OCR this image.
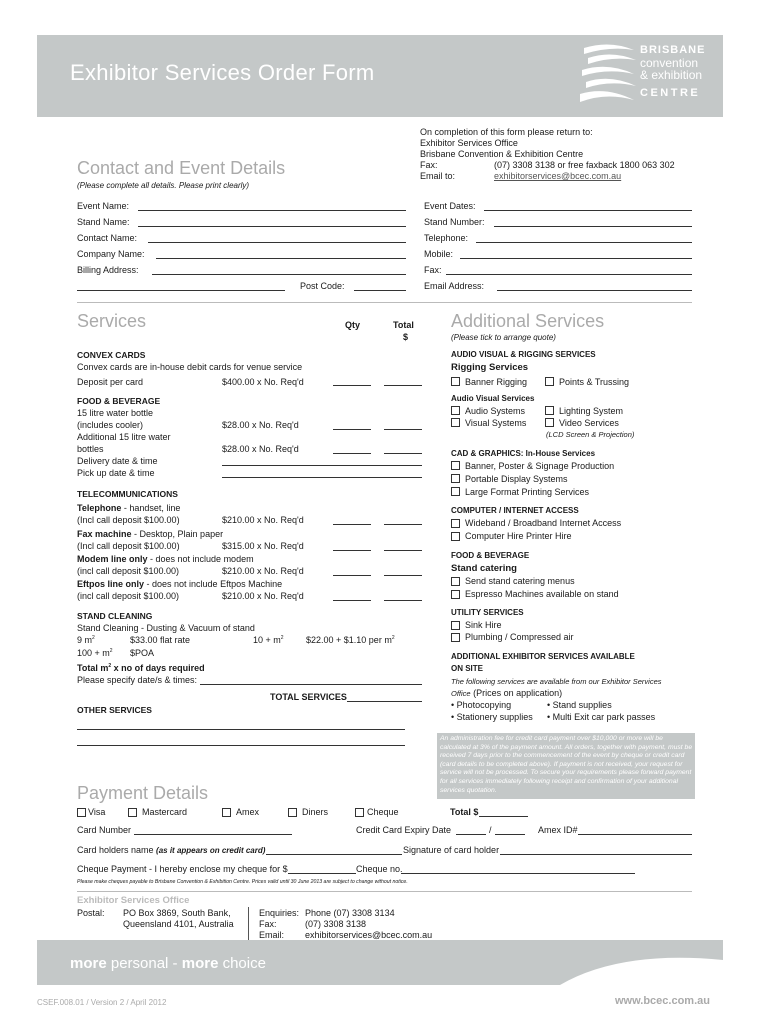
Exhibitor Services Order Form
BRISBANE
convention
& exhibition
CENTRE
On completion of this form please return to:
Exhibitor Services Office
Brisbane Convention & Exhibition Centre
Fax:	(07) 3308 3138 or free faxback 1800 063 302
Email to:	exhibitorservices@bcec.com.au
Contact and Event Details
(Please complete all details. Please print clearly)
Event Name:
Stand Name:
Contact Name:
Company Name:
Billing Address:
Post Code:
Event Dates:
Stand Number:
Telephone:
Mobile:
Fax:
Email Address:
Services	Qty	Total
$
CONVEX CARDS
Convex cards are in-house debit cards for venue service
Deposit per card	$400.00 x No. Req'd
FOOD & BEVERAGE
15 litre water bottle
(includes cooler)	$28.00 x No. Req'd
Additional 15 litre water
bottles	$28.00 x No. Req'd
Delivery date & time
Pick up date & time
TELECOMMUNICATIONS
Telephone - handset, line
(Incl call deposit $100.00)	$210.00 x No. Req'd
Fax machine - Desktop, Plain paper
(Incl call deposit $100.00)	$315.00 x No. Req'd
Modem line only - does not include modem
(incl call deposit $100.00)	$210.00 x No. Req'd
Eftpos line only - does not include Eftpos Machine
(incl call deposit $100.00)	$210.00 x No. Req'd
STAND CLEANING
Stand Cleaning - Dusting & Vacuum of stand
9 $m^2$	$33.00 flat rate	$10 + m^2$ $22.00 + $1.10 per $m^2$
$100 + m^2$ $POA
Total $m^2$ x no of days required
Please specify date/s & times:
TOTAL SERVICES
OTHER SERVICES
Additional Services
(Please tick to arrange quote)
AUDIO VISUAL & RIGGING SERVICES
Rigging Services
Banner Rigging	Points & Trussing
Audio Visual Services
Audio Systems	Lighting System
Visual Systems	Video Services
(LCD Screen & Projection)
CAD & GRAPHICS: In-House Services
Banner, Poster & Signage Production
Portable Display Systems
Large Format Printing Services
COMPUTER / INTERNET ACCESS
Wideband / Broadband Internet Access
Computer Hire Printer Hire
FOOD & BEVERAGE
Stand catering
Send stand catering menus
Espresso Machines available on stand
UTILITY SERVICES
Sink Hire
Plumbing / Compressed air
ADDITIONAL EXHIBITOR SERVICES AVAILABLE
ON SITE
The following services are available from our Exhibitor Services
Office (Prices on application)
• Photocopying	• Stand supplies
• Stationery supplies • Multi Exit car park passes
An administration fee for credit card payment over $10,000 or more will be calculated at 3% of the payment amount. All orders, together with payment, must be received 7 days prior to the commencement of the event by cheque or credit card (card details to be completed above). If payment is not received, your request for service will not be processed. To secure your requirements please forward payment for all services immediately following receipt and confirmation of your additional services quotation.
Payment Details
Visa	Mastercard	Amex	Diners	Cheque	Total $
Card Number	Credit Card Expiry Date	/	Amex ID#
Card holders name (as it appears on credit card)	Signature of card holder
Cheque Payment - I hereby enclose my cheque for $	Cheque no.
Please make cheques payable to Brisbane Convention & Exhibition Centre. Prices valid until 30 June 2013 are subject to change without notice.
Exhibitor Services Office
Postal: PO Box 3869, South Bank,
Queensland 4101, Australia
Enquiries: Phone (07) 3308 3134
Fax:	(07) 3308 3138
Email: exhibitorservices@bcec.com.au
more personal - more choice
CSEF.008.01 / Version 2 / April 2012	www.bcec.com.au
